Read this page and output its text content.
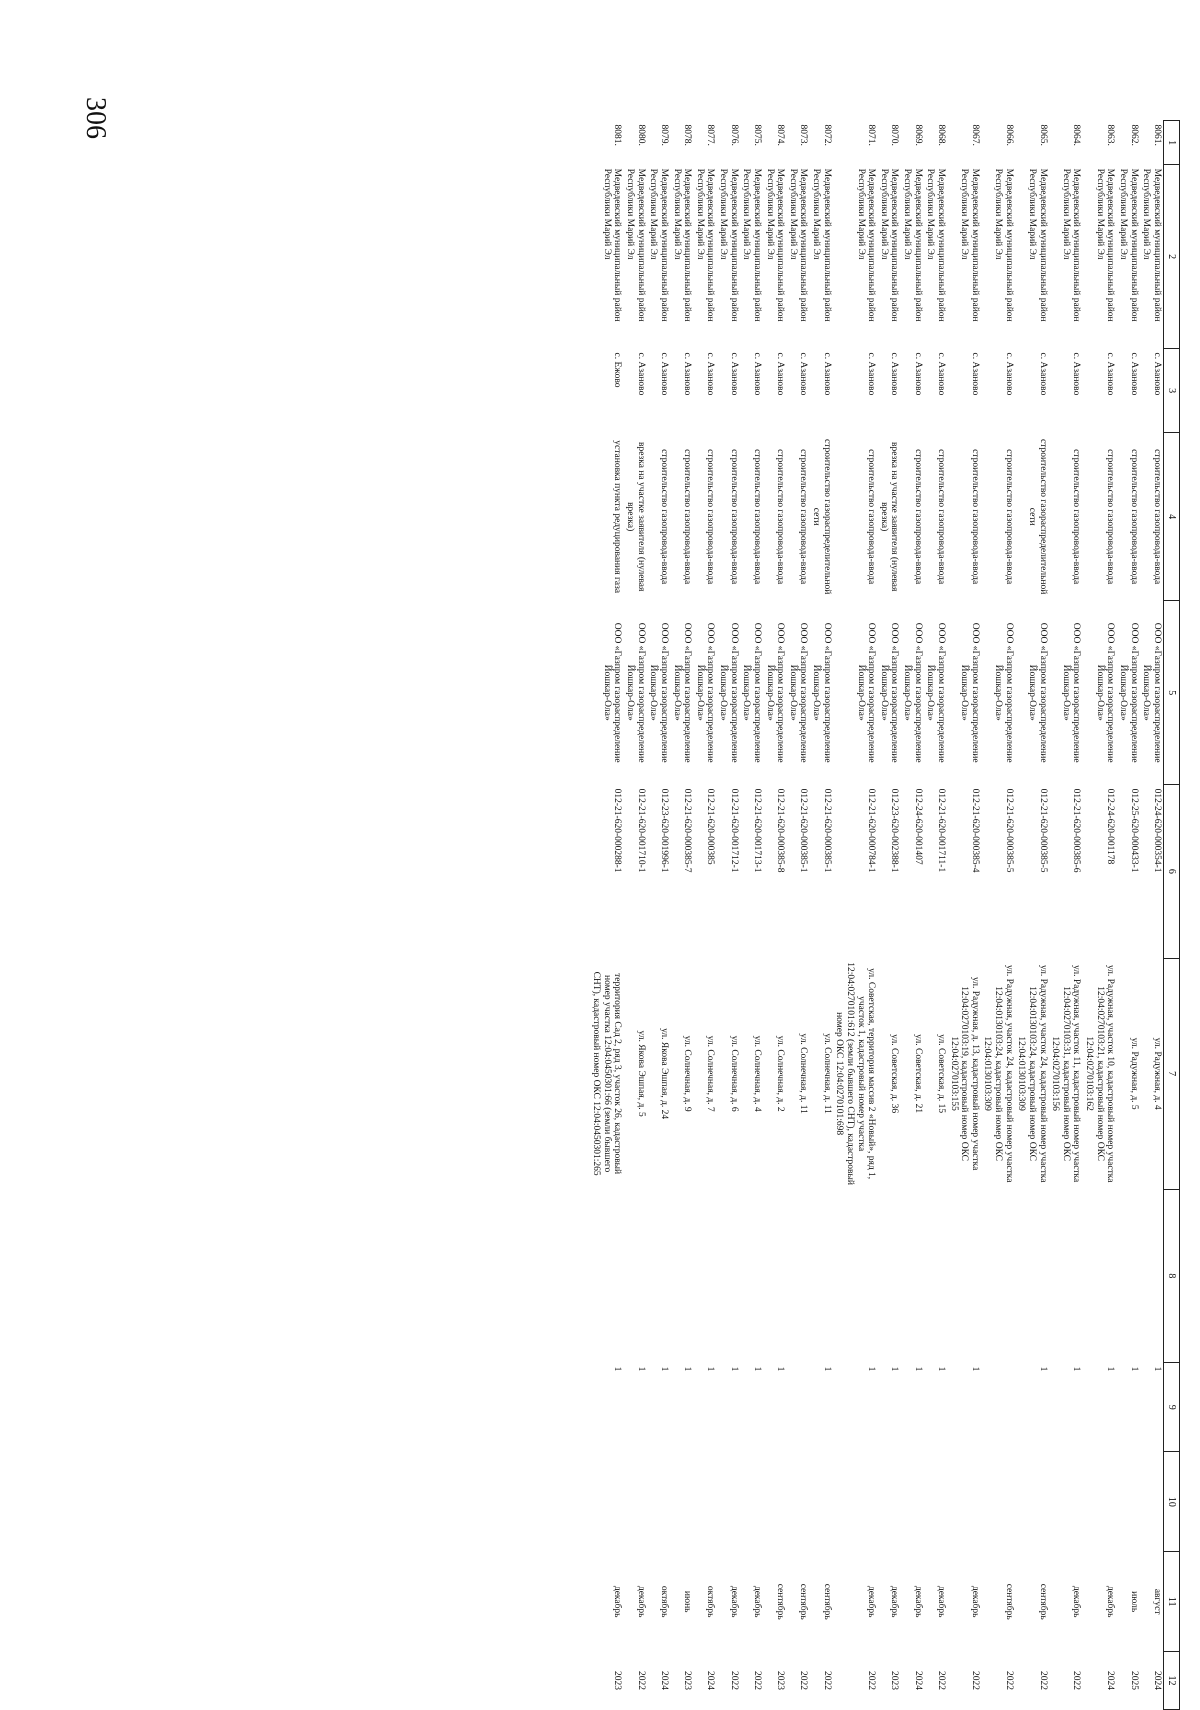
306
1	2	3	4	5	6	7	8	9	10	11	12
8061.	Медведевский муниципальный район Республики Марий Эл	с. Азаново	строительство газопровода-ввода	ООО «Газпром газораспределение Йошкар-Ола»	012-24-620-000354-1	ул. Радужная, д. 4		1		август	2024
8062.	Медведевский муниципальный район Республики Марий Эл	с. Азаново	строительство газопровода-ввода	ООО «Газпром газораспределение Йошкар-Ола»	012-25-620-000433-1	ул. Радужная, д. 5		1		июль	2025
8063.	Медведевский муниципальный район Республики Марий Эл	с. Азаново	строительство газопровода-ввода	ООО «Газпром газораспределение Йошкар-Ола»	012-24-620-001178	ул. Радужная, участок 10, кадастровый номер участка 12:04:0270103:21, кадастровый номер ОКС 12:04:0270103:162		1		декабрь	2024
8064.	Медведевский муниципальный район Республики Марий Эл	с. Азаново	строительство газопровода-ввода	ООО «Газпром газораспределение Йошкар-Ола»	012-21-620-000385-6	ул. Радужная, участок 11, кадастровый номер участка 12:04:0270103:31, кадастровый номер ОКС 12:04:0270103:156		1		декабрь	2022
8065.	Медведевский муниципальный район Республики Марий Эл	с. Азаново	строительство газораспределительной сети	ООО «Газпром газораспределение Йошкар-Ола»	012-21-620-000385-5	ул. Радужная, участок 24, кадастровый номер участка 12:04:0130103:24, кадастровый номер ОКС 12:04:0130103:309		1		сентябрь	2022
8066.	Медведевский муниципальный район Республики Марий Эл	с. Азаново	строительство газопровода-ввода	ООО «Газпром газораспределение Йошкар-Ола»	012-21-620-000385-5	ул. Радужная, участок 24, кадастровый номер участка 12:04:0130103:24, кадастровый номер ОКС 12:04:0130103:309				сентябрь	2022
8067.	Медведевский муниципальный район Республики Марий Эл	с. Азаново	строительство газопровода-ввода	ООО «Газпром газораспределение Йошкар-Ола»	012-21-620-000385-4	ул. Радужная, д. 13, кадастровый номер участка 12:04:0270103:19, кадастровый номер ОКС 12:04:0270103:155		1		декабрь	2022
8068.	Медведевский муниципальный район Республики Марий Эл	с. Азаново	строительство газопровода-ввода	ООО «Газпром газораспределение Йошкар-Ола»	012-21-620-001711-1	ул. Советская, д. 15		1		декабрь	2022
8069.	Медведевский муниципальный район Республики Марий Эл	с. Азаново	строительство газопровода-ввода	ООО «Газпром газораспределение Йошкар-Ола»	012-24-620-001407	ул. Советская, д. 21		1		декабрь	2024
8070.	Медведевский муниципальный район Республики Марий Эл	с. Азаново	врезка на участке заявителя (нулевая врезка)	ООО «Газпром газораспределение Йошкар-Ола»	012-23-620-002388-1	ул. Советская, д. 36		1		декабрь	2023
8071.	Медведевский муниципальный район Республики Марий Эл	с. Азаново	строительство газопровода-ввода	ООО «Газпром газораспределение Йошкар-Ола»	012-21-620-000784-1	ул. Советская, территория массив 2 «Новый», ряд 1, участок 1, кадастровый номер участка 12:04:0270101:612 (земли бывшего СНТ), кадастровый номер ОКС 12:04:0270101:698		1		декабрь	2022
8072.	Медведевский муниципальный район Республики Марий Эл	с. Азаново	строительство газораспределительной сети	ООО «Газпром газораспределение Йошкар-Ола»	012-21-620-000385-1	ул. Солнечная, д. 11		1		сентябрь	2022
8073.	Медведевский муниципальный район Республики Марий Эл	с. Азаново	строительство газопровода-ввода	ООО «Газпром газораспределение Йошкар-Ола»	012-21-620-000385-1	ул. Солнечная, д. 11				сентябрь	2022
8074.	Медведевский муниципальный район Республики Марий Эл	с. Азаново	строительство газопровода-ввода	ООО «Газпром газораспределение Йошкар-Ола»	012-21-620-000385-8	ул. Солнечная, д. 2		1		сентябрь	2023
8075.	Медведевский муниципальный район Республики Марий Эл	с. Азаново	строительство газопровода-ввода	ООО «Газпром газораспределение Йошкар-Ола»	012-21-620-001713-1	ул. Солнечная, д. 4		1		декабрь	2022
8076.	Медведевский муниципальный район Республики Марий Эл	с. Азаново	строительство газопровода-ввода	ООО «Газпром газораспределение Йошкар-Ола»	012-21-620-001712-1	ул. Солнечная, д. 6		1		декабрь	2022
8077.	Медведевский муниципальный район Республики Марий Эл	с. Азаново	строительство газопровода-ввода	ООО «Газпром газораспределение Йошкар-Ола»	012-21-620-000385	ул. Солнечная, д. 7		1		октябрь	2024
8078.	Медведевский муниципальный район Республики Марий Эл	с. Азаново	строительство газопровода-ввода	ООО «Газпром газораспределение Йошкар-Ола»	012-21-620-000385-7	ул. Солнечная, д. 9		1		июнь	2023
8079.	Медведевский муниципальный район Республики Марий Эл	с. Азаново	строительство газопровода-ввода	ООО «Газпром газораспределение Йошкар-Ола»	012-23-620-001996-1	ул. Якова Эшпая, д. 24		1		октябрь	2024
8080.	Медведевский муниципальный район Республики Марий Эл	с. Азаново	врезка на участке заявителя (нулевая врезка)	ООО «Газпром газораспределение Йошкар-Ола»	012-21-620-001710-1	ул. Якова Эшпая, д. 5		1		декабрь	2022
8081.	Медведевский муниципальный район Республики Марий Эл	с. Ежово	установка пункта редуцирования газа	ООО «Газпром газораспределение Йошкар-Ола»	012-21-620-000288-1	территория Сад 2, ряд 3, участок 26, кадастровый номер участка 12:04:0450301:66 (земли бывшего СНТ), кадастровый номер ОКС 12:04:0450301:265		1		декабрь	2023
